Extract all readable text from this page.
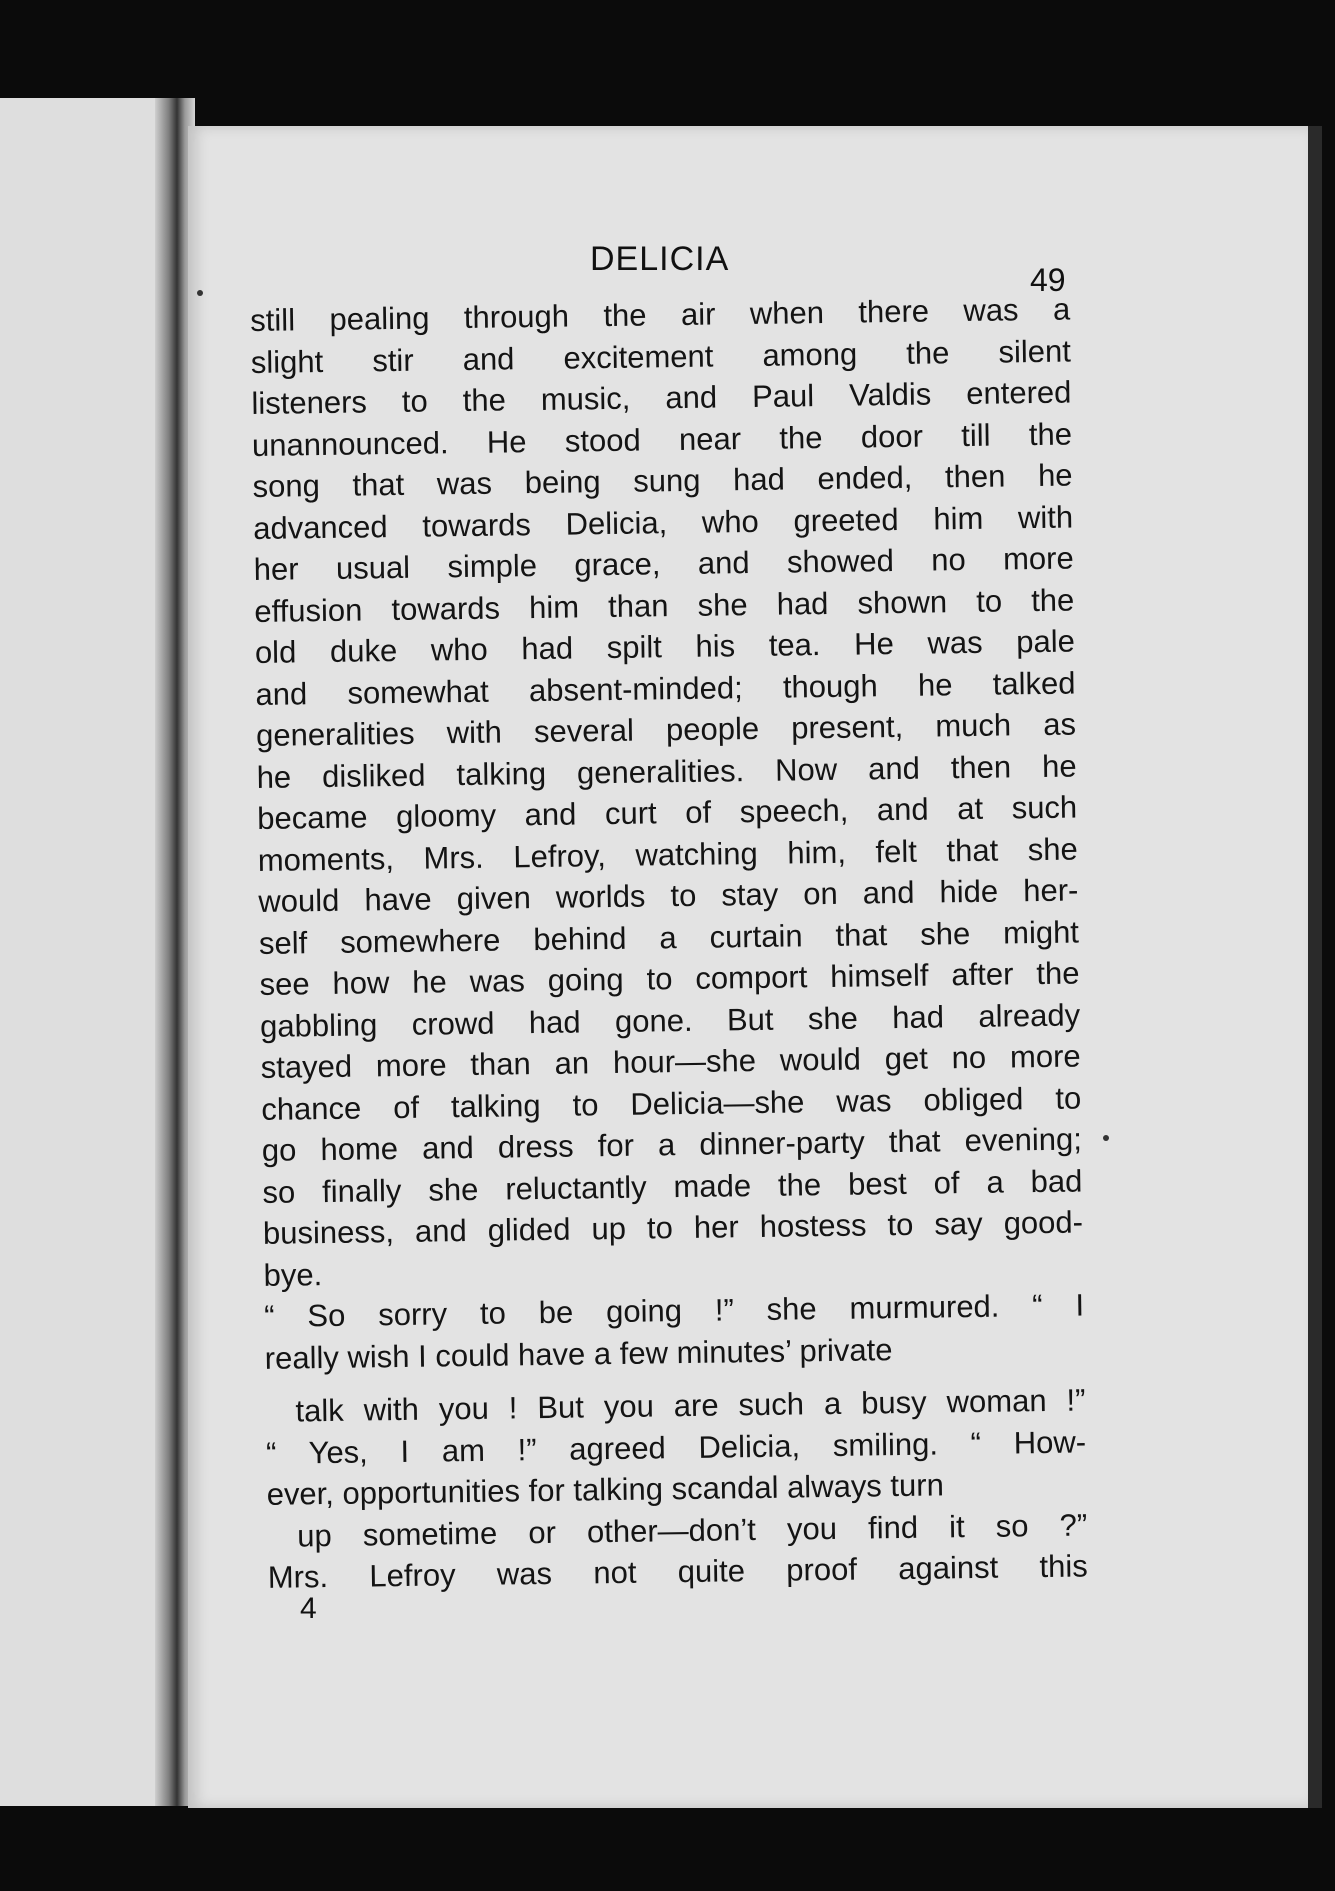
DELICIA
49
still pealing through the air when there was a
slight stir and excitement among the silent
listeners to the music, and Paul Valdis entered
unannounced. He stood near the door till the
song that was being sung had ended, then he
advanced towards Delicia, who greeted him with
her usual simple grace, and showed no more
effusion towards him than she had shown to the
old duke who had spilt his tea. He was pale
and somewhat absent-minded; though he talked
generalities with several people present, much as
he disliked talking generalities. Now and then he
became gloomy and curt of speech, and at such
moments, Mrs. Lefroy, watching him, felt that she
would have given worlds to stay on and hide her-
self somewhere behind a curtain that she might
see how he was going to comport himself after the
gabbling crowd had gone. But she had already
stayed more than an hour—she would get no more
chance of talking to Delicia—she was obliged to
go home and dress for a dinner-party that evening;
so finally she reluctantly made the best of a bad
business, and glided up to her hostess to say good-
bye.
“ So sorry to be going !” she murmured. “ I
really wish I could have a few minutes’ private
talk with you ! But you are such a busy woman !”
“ Yes, I am !” agreed Delicia, smiling. “ How-
ever, opportunities for talking scandal always turn
up sometime or other—don’t you find it so ?”
Mrs. Lefroy was not quite proof against this
4
